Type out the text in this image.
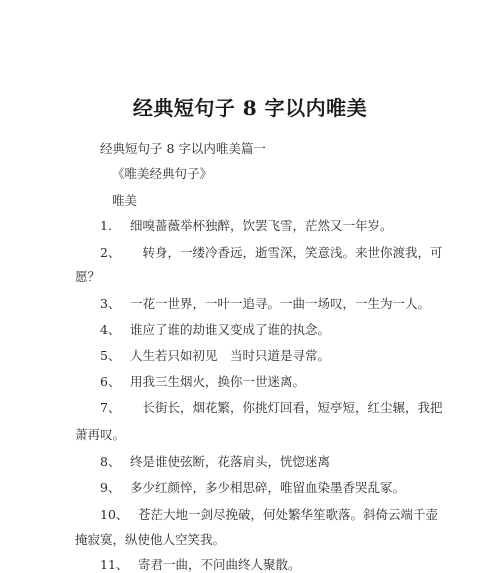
经典短句子 8 字以内唯美
经典短句子 8 字以内唯美篇一
《唯美经典句子》
唯美
1. 细嗅蔷薇举杯独醉，饮罢飞雪，茫然又一年岁。
2、　转身，一缕冷香远，逝雪深，笑意浅。来世你渡我，可
愿？
3、 一花一世界，一叶一追寻。一曲一场叹，一生为一人。
4、 谁应了谁的劫谁又变成了谁的执念。
5、 人生若只如初见　当时只道是寻常。
6、 用我三生烟火，换你一世迷离。
7、　长街长，烟花繁，你挑灯回看，短亭短，红尘辗，我把
萧再叹。
8、 终是谁使弦断，花落肩头，恍惚迷离
9、 多少红颜悴，多少相思碎，唯留血染墨香哭乱冢。
10、 苍茫大地一剑尽挽破，何处繁华笙歌落。斜倚云端千壶
掩寂寞，纵使他人空笑我。
11、 寄君一曲，不问曲终人聚散。
